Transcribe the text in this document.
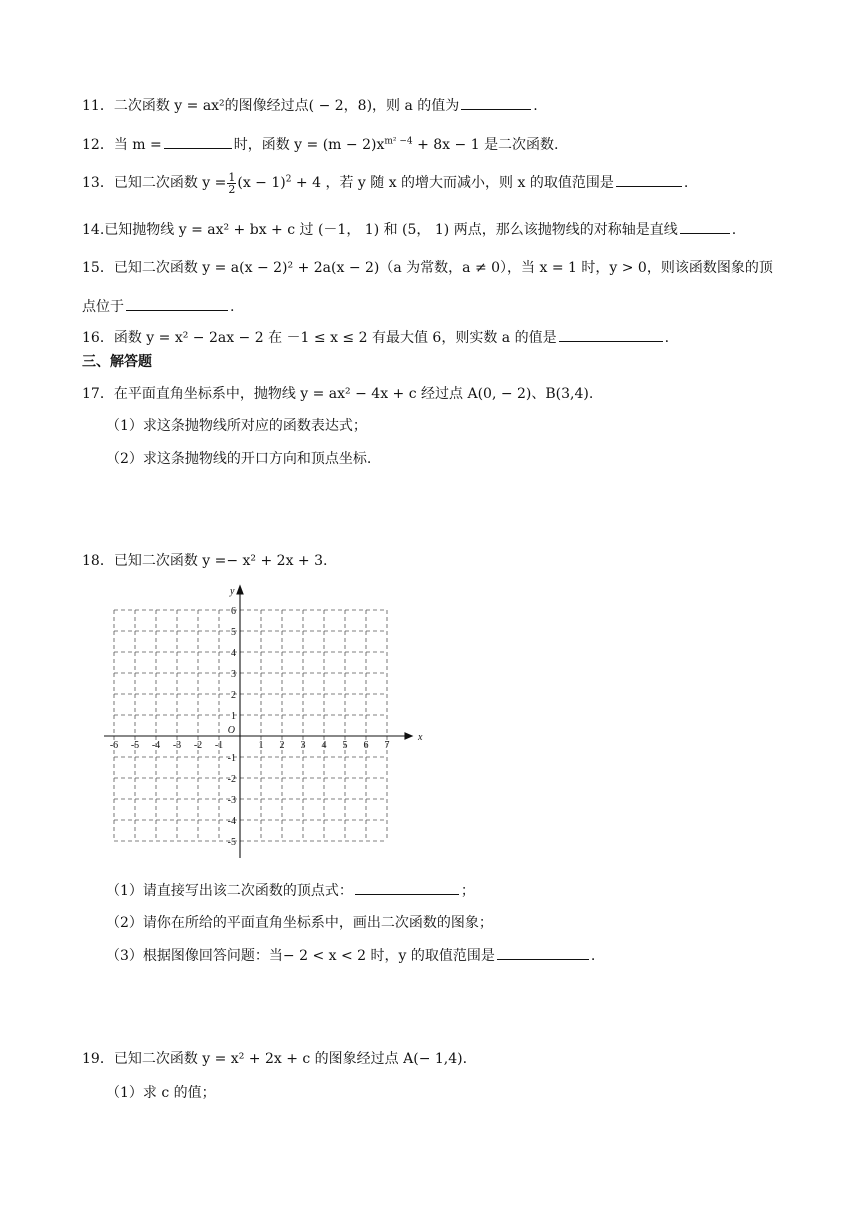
11．二次函数 y = ax²的图像经过点( − 2，8)，则 a 的值为	.
12．当 m =	时，函数 $y = (m - 2)x^{m^2 -4} + 8x - 1$ 是二次函数.
13．已知二次函数 $y = \frac{1}{2} (x - 1)^2 + 4$ ，若 y 随 x 的增大而减小，则 x 的取值范围是	.
14.已知抛物线 y = ax² + bx + c 过 (－1， 1) 和 (5， 1) 两点，那么该抛物线的对称轴是直线	.
15．已知二次函数 y = a(x − 2)² + 2a(x − 2)（a 为常数，a ≠ 0），当 x = 1 时，y > 0，则该函数图象的顶
点位于	.
16．函数 y = x² − 2ax − 2 在 －1 ≤ x ≤ 2 有最大值 6，则实数 a 的值是	.
三、解答题
17．在平面直角坐标系中，抛物线 y = ax² − 4x + c 经过点 A(0, − 2)、B(3,4).
（1）求这条抛物线所对应的函数表达式；
（2）求这条抛物线的开口方向和顶点坐标.
18．已知二次函数 y =− x² + 2x + 3.
-6 -5 -4 -3 -2 -1	1 2 3 4 5 6 7
6
5
4
3
2
1
-1
-2
-3
-4
-5
O
x
y
（1）请直接写出该二次函数的顶点式：	；
（2）请你在所给的平面直角坐标系中，画出二次函数的图象；
（3）根据图像回答问题：当− 2 < x < 2 时，y 的取值范围是	.
19．已知二次函数 y = x² + 2x + c 的图象经过点 A(− 1,4).
（1）求 c 的值；
